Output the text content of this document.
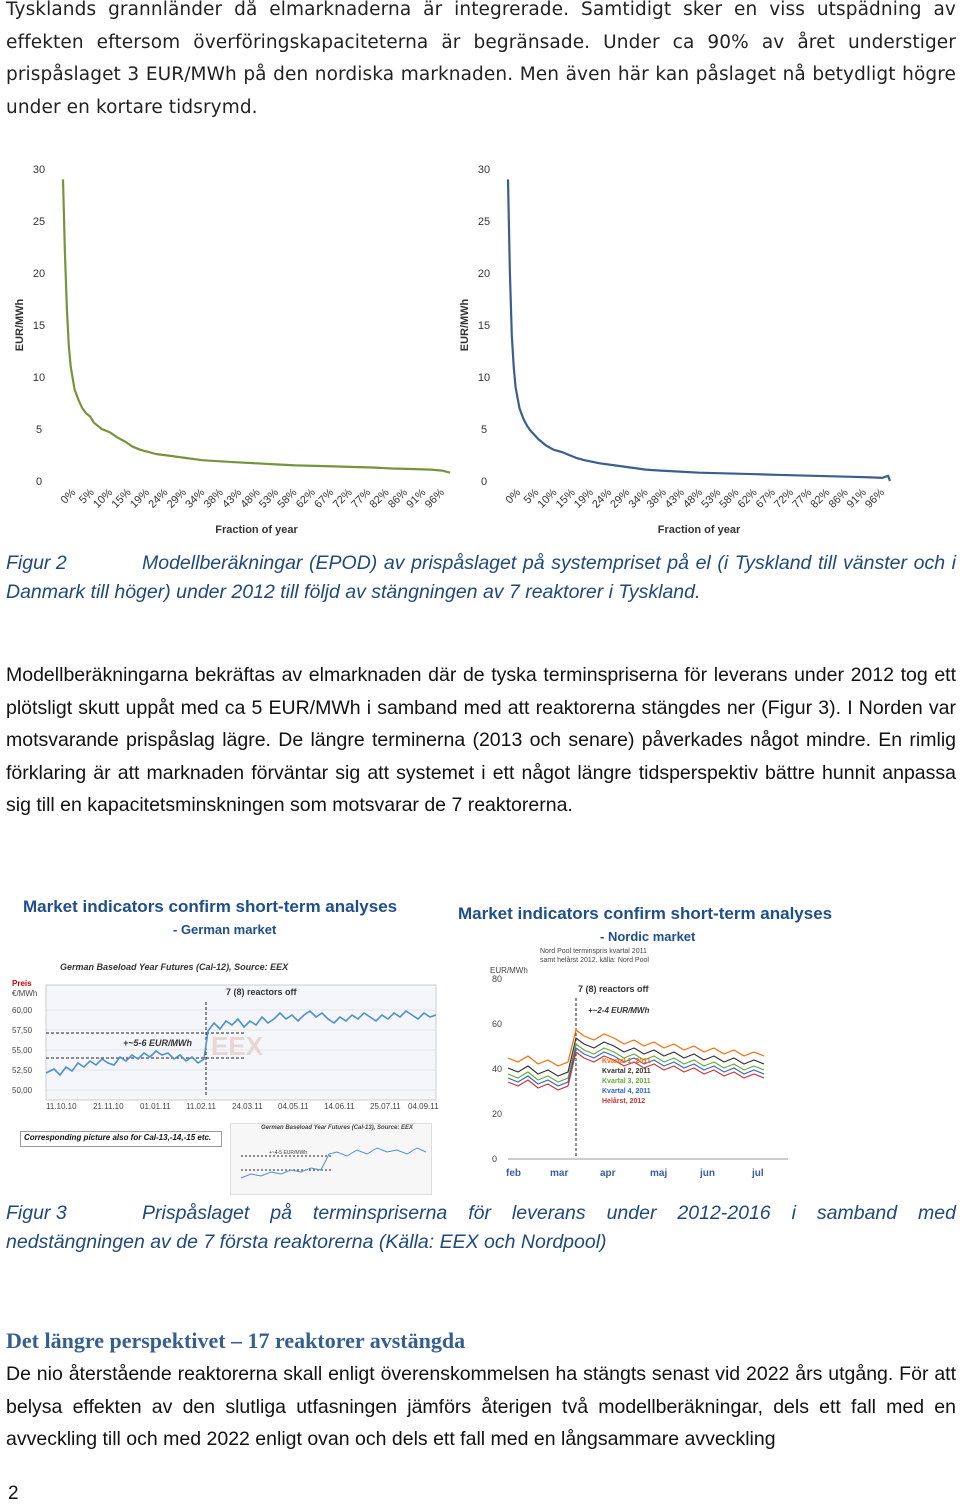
Tysklands grannländer då elmarknaderna är integrerade. Samtidigt sker en viss utspädning av effekten eftersom överföringskapaciteterna är begränsade. Under ca 90% av året understiger prispåslaget 3 EUR/MWh på den nordiska marknaden. Men även här kan påslaget nå betydligt högre under en kortare tidsrymd.

0
5
10
15
20
25
30
EUR/MWh
0%
5%
10%
15%
19%
24%
29%
34%
38%
43%
48%
53%
58%
62%
67%
72%
77%
82%
86%
91%
96%
Fraction of year
0
5
10
15
20
25
30
EUR/MWh
0%
5%
10%
15%
19%
24%
29%
34%
38%
43%
48%
53%
58%
62%
67%
72%
77%
82%
86%
91%
96%
Fraction of year

Figur 2	Modellberäkningar (EPOD) av prispåslaget på systempriset på el (i Tyskland till vänster och i Danmark till höger) under 2012 till följd av stängningen av 7 reaktorer i Tyskland.

Modellberäkningarna bekräftas av elmarknaden där de tyska terminspriserna för leverans under 2012 tog ett plötsligt skutt uppåt med ca 5 EUR/MWh i samband med att reaktorerna stängdes ner (Figur 3). I Norden var motsvarande prispåslag lägre. De längre terminerna (2013 och senare) påverkades något mindre. En rimlig förklaring är att marknaden förväntar sig att systemet i ett något längre tidsperspektiv bättre hunnit anpassa sig till en kapacitetsminskningen som motsvarar de 7 reaktorerna.

Market indicators confirm short-term analyses
- German market
German Baseload Year Futures (Cal-12), Source: EEX
Preis
€/MWh
60,00
57,50
55,00
52,50
50,00
EEX
7 (8) reactors off
+~5-6 EUR/MWh
11.10.10 21.11.10 01.01.11 11.02.11 24.03.11 04.05.11 14.06.11 25.07.11 04.09.11
Corresponding picture also for Cal-13,-14,-15 etc.
German Baseload Year Futures (Cal-13), Source: EEX
+~4-5 EUR/MWh
Market indicators confirm short-term analyses
- Nordic market
Nord Pool terminspris kvartal 2011
samt helårst 2012. källa: Nord Pool
EUR/MWh
80
60
40
20
0
7 (8) reactors off
+~2-4 EUR/MWh
Kvartal 1, 2011
Kvartal 2, 2011
Kvartal 3, 2011
Kvartal 4, 2011
Helårst, 2012
feb	mar	apr	maj	jun	jul

Figur 3	Prispåslaget på terminspriserna för leverans under 2012-2016 i samband med nedstängningen av de 7 första reaktorerna (Källa: EEX och Nordpool)

Det längre perspektivet – 17 reaktorer avstängda

De nio återstående reaktorerna skall enligt överenskommelsen ha stängts senast vid 2022 års utgång. För att belysa effekten av den slutliga utfasningen jämförs återigen två modellberäkningar, dels ett fall med en avveckling till och med 2022 enligt ovan och dels ett fall med en långsammare avveckling

2
